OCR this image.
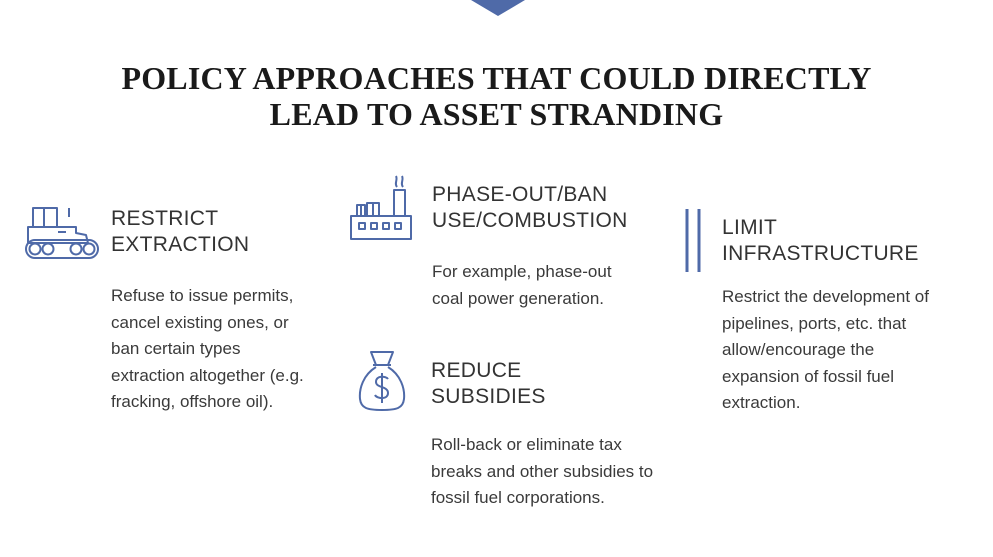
POLICY APPROACHES THAT COULD DIRECTLY
LEAD TO ASSET STRANDING
RESTRICT
EXTRACTION
Refuse to issue permits, cancel existing ones, or ban certain types extraction altogether (e.g. fracking, offshore oil).
PHASE-OUT/BAN
USE/COMBUSTION
For example, phase-out coal power generation.
REDUCE
SUBSIDIES
Roll-back or eliminate tax breaks and other subsidies to fossil fuel corporations.
LIMIT
INFRASTRUCTURE
Restrict the development of pipelines, ports, etc. that allow/encourage the expansion of fossil fuel extraction.
